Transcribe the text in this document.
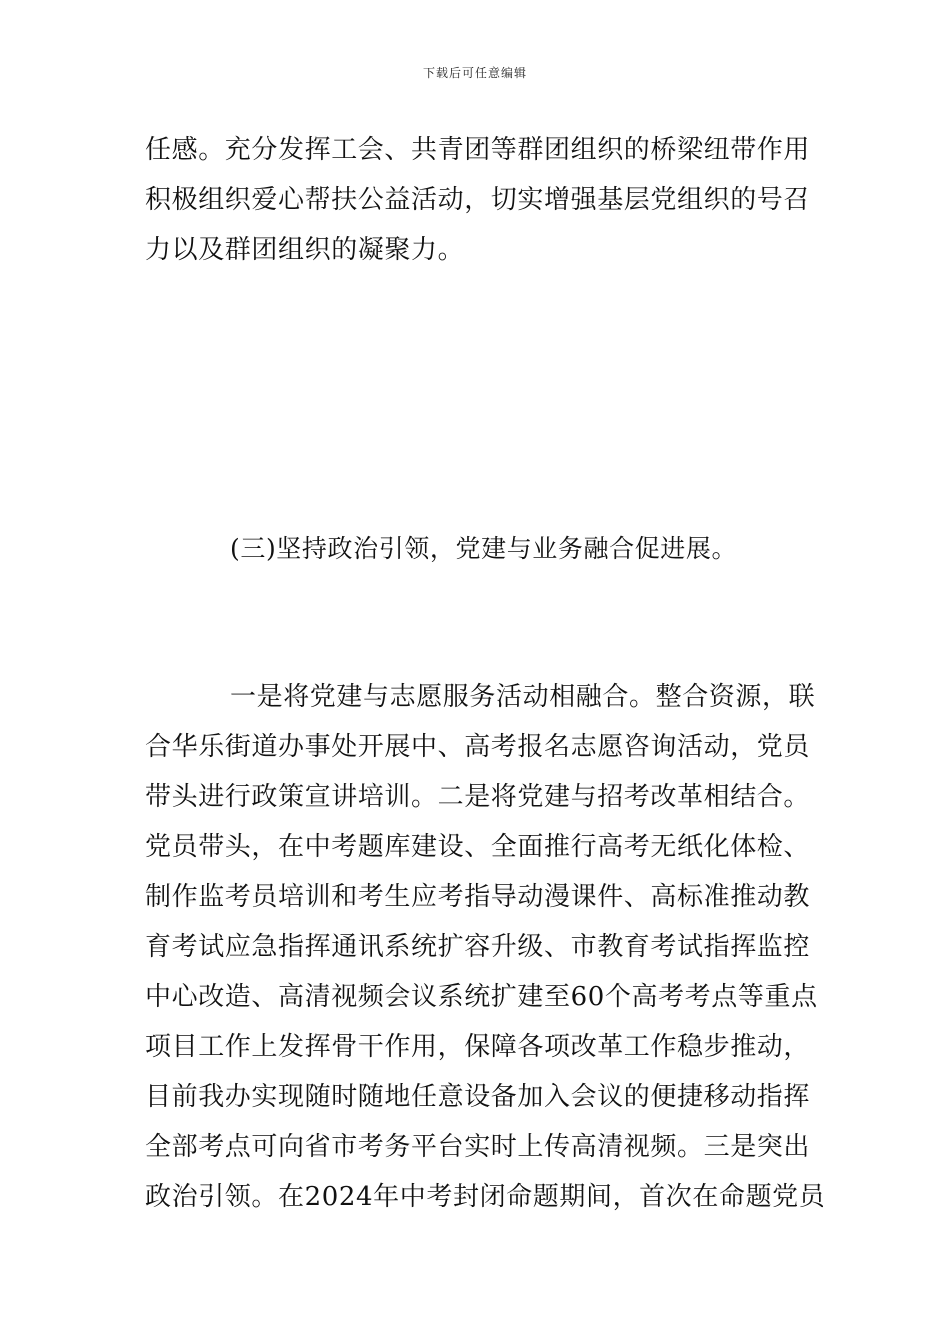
下载后可任意编辑
任感。充分发挥工会、共青团等群团组织的桥梁纽带作用
积极组织爱心帮扶公益活动，切实增强基层党组织的号召
力以及群团组织的凝聚力。
(三)坚持政治引领，党建与业务融合促进展。
一是将党建与志愿服务活动相融合。整合资源，联
合华乐街道办事处开展中、高考报名志愿咨询活动，党员
带头进行政策宣讲培训。二是将党建与招考改革相结合。
党员带头，在中考题库建设、全面推行高考无纸化体检、
制作监考员培训和考生应考指导动漫课件、高标准推动教
育考试应急指挥通讯系统扩容升级、市教育考试指挥监控
中心改造、高清视频会议系统扩建至60个高考考点等重点
项目工作上发挥骨干作用，保障各项改革工作稳步推动，
目前我办实现随时随地任意设备加入会议的便捷移动指挥
全部考点可向省市考务平台实时上传高清视频。三是突出
政治引领。在2024年中考封闭命题期间，首次在命题党员
